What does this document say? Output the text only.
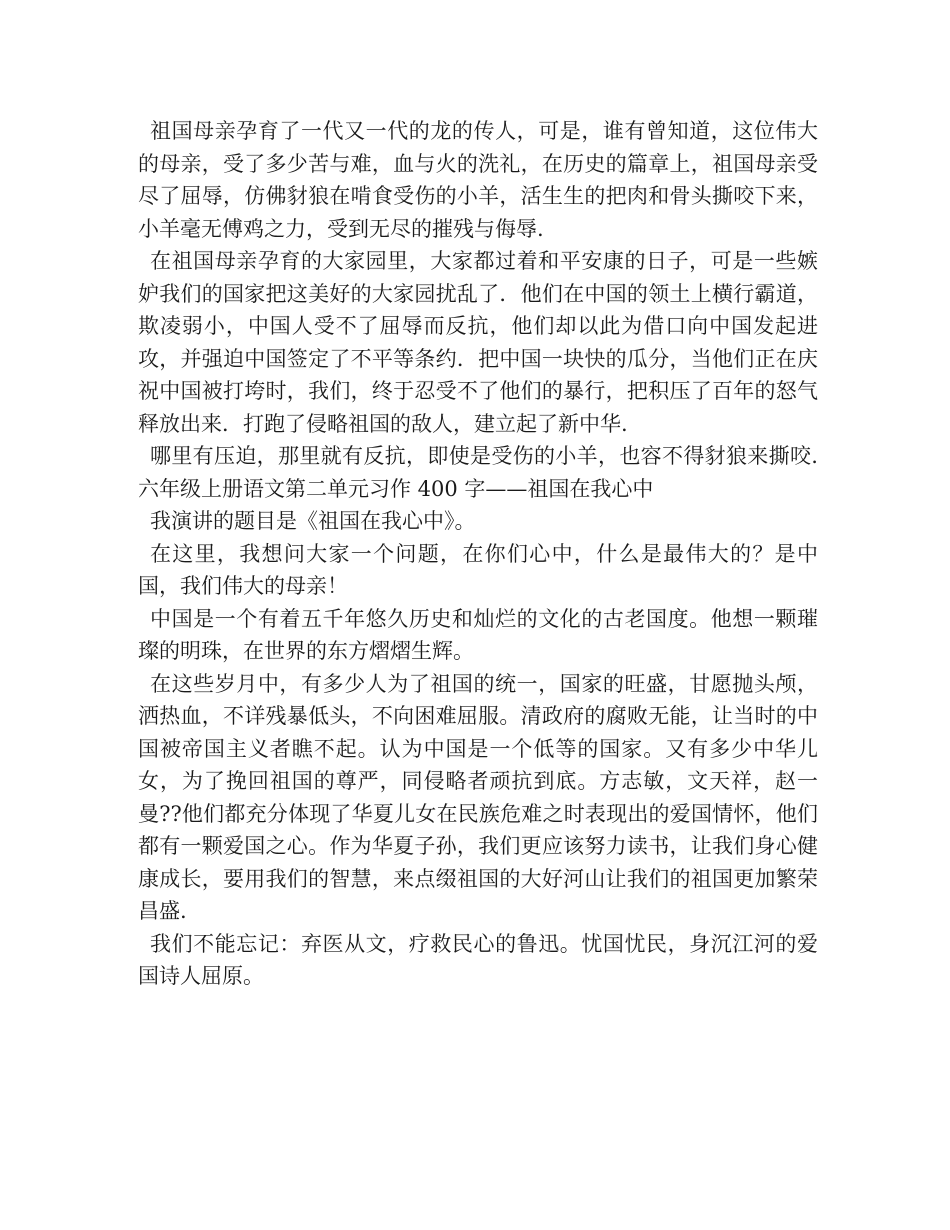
祖国母亲孕育了一代又一代的龙的传人，可是，谁有曾知道，这位伟大的母亲，受了多少苦与难，血与火的洗礼，在历史的篇章上，祖国母亲受尽了屈辱，仿佛豺狼在啃食受伤的小羊，活生生的把肉和骨头撕咬下来，小羊毫无傅鸡之力，受到无尽的摧残与侮辱.

在祖国母亲孕育的大家园里，大家都过着和平安康的日子，可是一些嫉妒我们的国家把这美好的大家园扰乱了．他们在中国的领土上横行霸道，欺凌弱小，中国人受不了屈辱而反抗，他们却以此为借口向中国发起进攻，并强迫中国签定了不平等条约．把中国一块快的瓜分，当他们正在庆祝中国被打垮时，我们，终于忍受不了他们的暴行，把积压了百年的怒气释放出来．打跑了侵略祖国的敌人，建立起了新中华.

哪里有压迫，那里就有反抗，即使是受伤的小羊，也容不得豺狼来撕咬. 六年级上册语文第二单元习作 400 字——祖国在我心中

我演讲的题目是《祖国在我心中》。

在这里，我想问大家一个问题，在你们心中，什么是最伟大的？是中国，我们伟大的母亲！

中国是一个有着五千年悠久历史和灿烂的文化的古老国度。他想一颗璀璨的明珠，在世界的东方熠熠生辉。

在这些岁月中，有多少人为了祖国的统一，国家的旺盛，甘愿抛头颅，洒热血，不详残暴低头，不向困难屈服。清政府的腐败无能，让当时的中国被帝国主义者瞧不起。认为中国是一个低等的国家。又有多少中华儿女，为了挽回祖国的尊严，同侵略者顽抗到底。方志敏，文天祥，赵一曼??他们都充分体现了华夏儿女在民族危难之时表现出的爱国情怀，他们都有一颗爱国之心。作为华夏子孙，我们更应该努力读书，让我们身心健康成长，要用我们的智慧，来点缀祖国的大好河山让我们的祖国更加繁荣昌盛.

我们不能忘记：弃医从文，疗救民心的鲁迅。忧国忧民，身沉江河的爱国诗人屈原。
